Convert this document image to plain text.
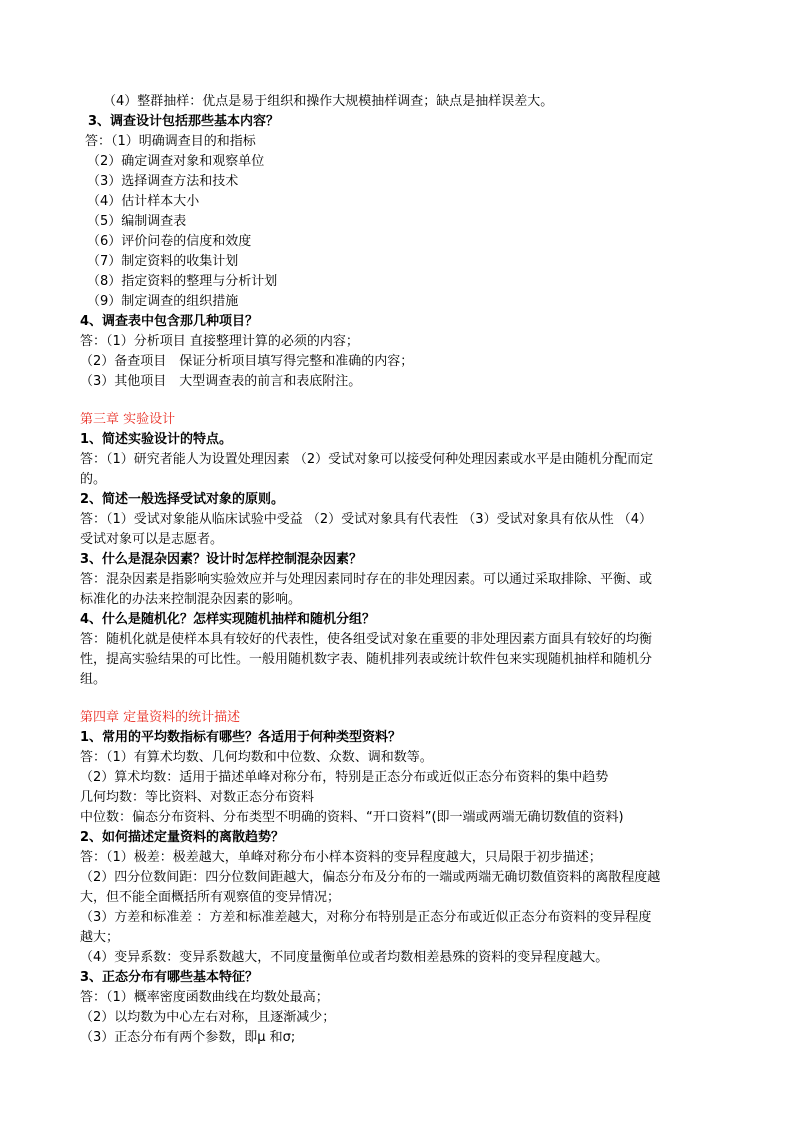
（4）整群抽样：优点是易于组织和操作大规模抽样调查；缺点是抽样误差大。
3、调查设计包括那些基本内容？
答：（1）明确调查目的和指标
（2）确定调查对象和观察单位
（3）选择调查方法和技术
（4）估计样本大小
（5）编制调查表
（6）评价问卷的信度和效度
（7）制定资料的收集计划
（8）指定资料的整理与分析计划
（9）制定调查的组织措施
4、调查表中包含那几种项目？
答：（1）分析项目 直接整理计算的必须的内容；
（2）备查项目　保证分析项目填写得完整和准确的内容；
（3）其他项目　大型调查表的前言和表底附注。
第三章 实验设计
1、简述实验设计的特点。
答：（1）研究者能人为设置处理因素 （2）受试对象可以接受何种处理因素或水平是由随机分配而定
的。
2、简述一般选择受试对象的原则。
答：（1）受试对象能从临床试验中受益 （2）受试对象具有代表性 （3）受试对象具有依从性 （4）
受试对象可以是志愿者。
3、什么是混杂因素？设计时怎样控制混杂因素？
答：混杂因素是指影响实验效应并与处理因素同时存在的非处理因素。可以通过采取排除、平衡、或
标准化的办法来控制混杂因素的影响。
4、什么是随机化？怎样实现随机抽样和随机分组？
答：随机化就是使样本具有较好的代表性，使各组受试对象在重要的非处理因素方面具有较好的均衡
性，提高实验结果的可比性。一般用随机数字表、随机排列表或统计软件包来实现随机抽样和随机分
组。
第四章 定量资料的统计描述
1、常用的平均数指标有哪些？各适用于何种类型资料？
答：（1）有算术均数、几何均数和中位数、众数、调和数等。
（2）算术均数：适用于描述单峰对称分布，特别是正态分布或近似正态分布资料的集中趋势
几何均数：等比资料、对数正态分布资料
中位数：偏态分布资料、分布类型不明确的资料、“开口资料”(即一端或两端无确切数值的资料)
2、如何描述定量资料的离散趋势？
答：（1）极差：极差越大，单峰对称分布小样本资料的变异程度越大，只局限于初步描述；
（2）四分位数间距：四分位数间距越大，偏态分布及分布的一端或两端无确切数值资料的离散程度越
大，但不能全面概括所有观察值的变异情况；
（3）方差和标准差 ：方差和标准差越大，对称分布特别是正态分布或近似正态分布资料的变异程度
越大；
（4）变异系数：变异系数越大，不同度量衡单位或者均数相差悬殊的资料的变异程度越大。
3、正态分布有哪些基本特征？
答：（1）概率密度函数曲线在均数处最高；
（2）以均数为中心左右对称，且逐渐减少；
（3）正态分布有两个参数，即μ 和σ;
